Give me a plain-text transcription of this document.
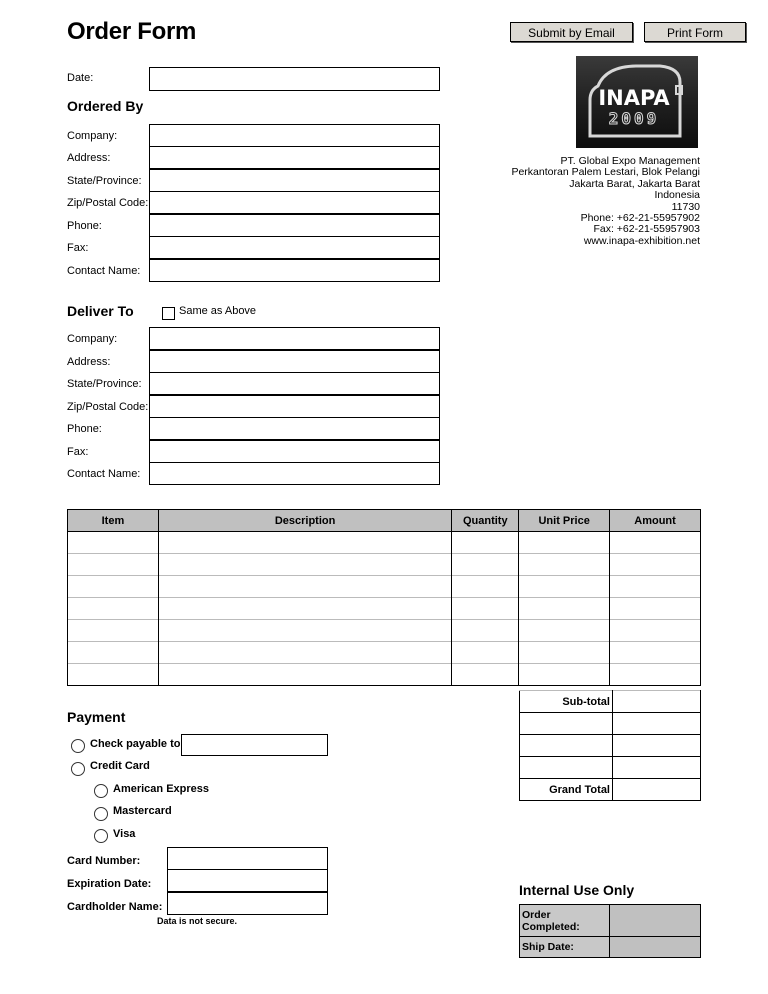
Order Form	Submit by Email	Print Form
INAPA
2009
PT. Global Expo Management
Perkantoran Palem Lestari, Blok Pelangi
Jakarta Barat, Jakarta Barat
Indonesia
11730
Phone: +62-21-55957902
Fax: +62-21-55957903
www.inapa-exhibition.net
Date:
Ordered By
Company:
Address:
State/Province:
Zip/Postal Code:
Phone:
Fax:
Contact Name:
Deliver To	Same as Above
Company:
Address:
State/Province:
Zip/Postal Code:
Phone:
Fax:
Contact Name:
Item	Description	Quantity	Unit Price	Amount

Sub-total	

Grand Total	
Payment
Check payable to
Credit Card
American Express
Mastercard
Visa
Card Number:
Expiration Date:
Cardholder Name:
Data is not secure.
Internal Use Only
Order Completed:	
Ship Date:	
